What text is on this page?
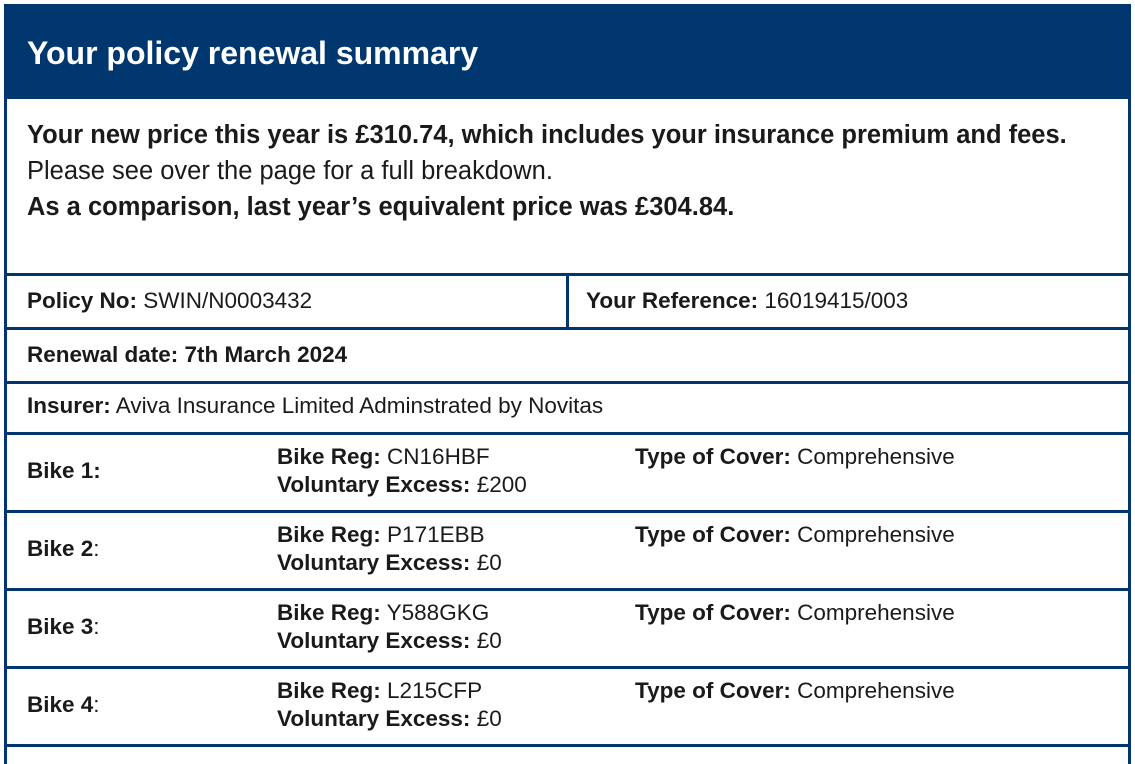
Your policy renewal summary
Your new price this year is £310.74, which includes your insurance premium and fees.
Please see over the page for a full breakdown.
As a comparison, last year’s equivalent price was £304.84.
Policy No: SWIN/N0003432	Your Reference: 16019415/003
Renewal date: 7th March 2024
Insurer: Aviva Insurance Limited Adminstrated by Novitas
Bike 1:
Bike Reg: CN16HBF
Voluntary Excess: £200
Type of Cover: Comprehensive
Bike 2:
Bike Reg: P171EBB
Voluntary Excess: £0
Type of Cover: Comprehensive
Bike 3:
Bike Reg: Y588GKG
Voluntary Excess: £0
Type of Cover: Comprehensive
Bike 4:
Bike Reg: L215CFP
Voluntary Excess: £0
Type of Cover: Comprehensive
